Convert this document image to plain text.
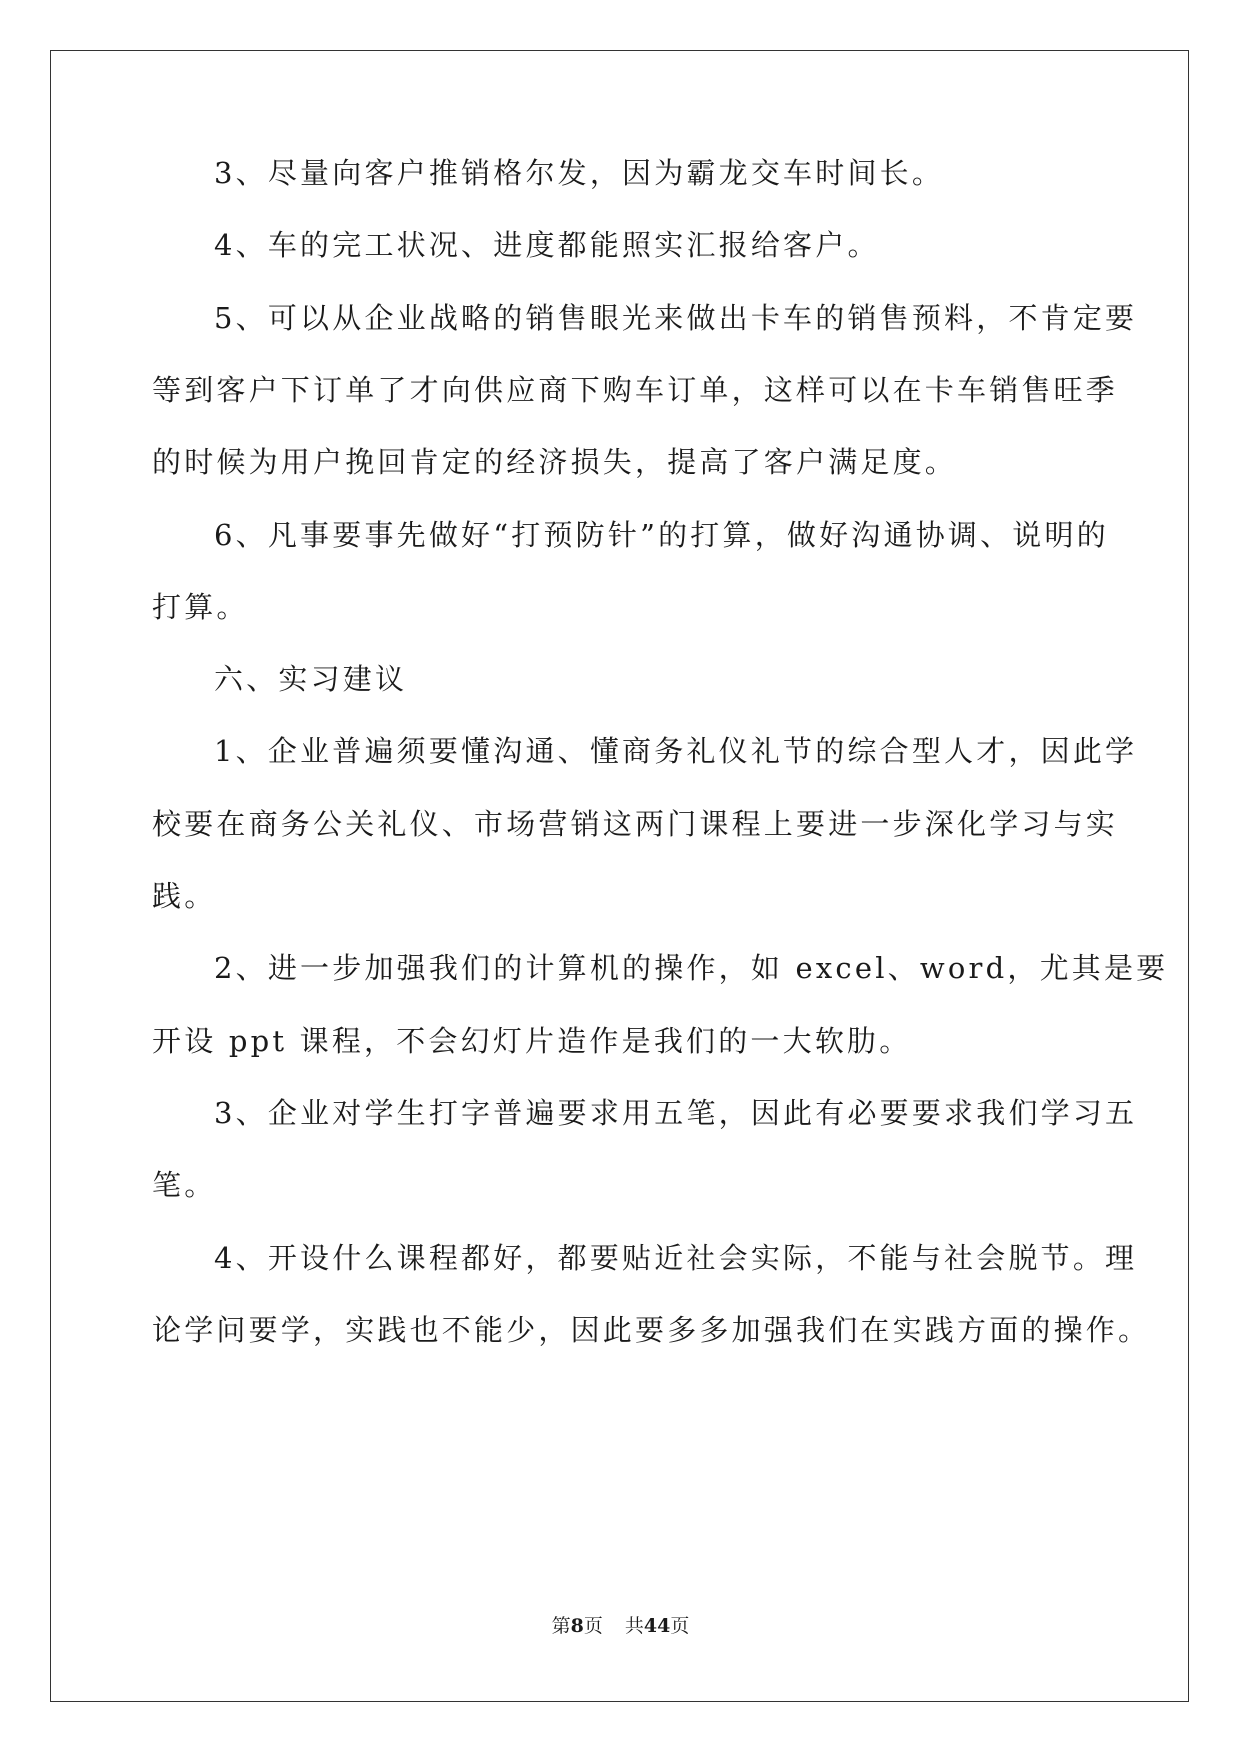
3、尽量向客户推销格尔发，因为霸龙交车时间长。
4、车的完工状况、进度都能照实汇报给客户。
5、可以从企业战略的销售眼光来做出卡车的销售预料，不肯定要
等到客户下订单了才向供应商下购车订单，这样可以在卡车销售旺季
的时候为用户挽回肯定的经济损失，提高了客户满足度。
6、凡事要事先做好“打预防针”的打算，做好沟通协调、说明的
打算。
六、实习建议
1、企业普遍须要懂沟通、懂商务礼仪礼节的综合型人才，因此学
校要在商务公关礼仪、市场营销这两门课程上要进一步深化学习与实
践。
2、进一步加强我们的计算机的操作，如 excel、word，尤其是要
开设 ppt 课程，不会幻灯片造作是我们的一大软肋。
3、企业对学生打字普遍要求用五笔，因此有必要要求我们学习五
笔。
4、开设什么课程都好，都要贴近社会实际，不能与社会脱节。理
论学问要学，实践也不能少，因此要多多加强我们在实践方面的操作。
第8页 共44页
